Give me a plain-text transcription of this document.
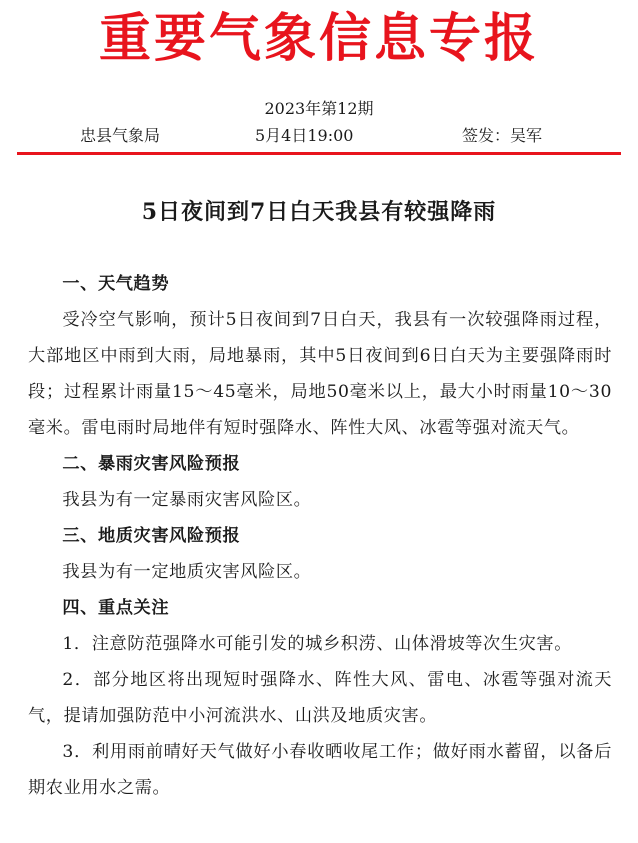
重要气象信息专报
2023年第12期
忠县气象局	5月4日19:00	签发：吴军
5日夜间到7日白天我县有较强降雨
一、天气趋势

受冷空气影响，预计5日夜间到7日白天，我县有一次较强降雨过程，大部地区中雨到大雨，局地暴雨，其中5日夜间到6日白天为主要强降雨时段；过程累计雨量15～45毫米，局地50毫米以上，最大小时雨量10～30毫米。雷电雨时局地伴有短时强降水、阵性大风、冰雹等强对流天气。

二、暴雨灾害风险预报

我县为有一定暴雨灾害风险区。

三、地质灾害风险预报

我县为有一定地质灾害风险区。

四、重点关注

1．注意防范强降水可能引发的城乡积涝、山体滑坡等次生灾害。

2．部分地区将出现短时强降水、阵性大风、雷电、冰雹等强对流天气，提请加强防范中小河流洪水、山洪及地质灾害。

3．利用雨前晴好天气做好小春收晒收尾工作；做好雨水蓄留，以备后期农业用水之需。
